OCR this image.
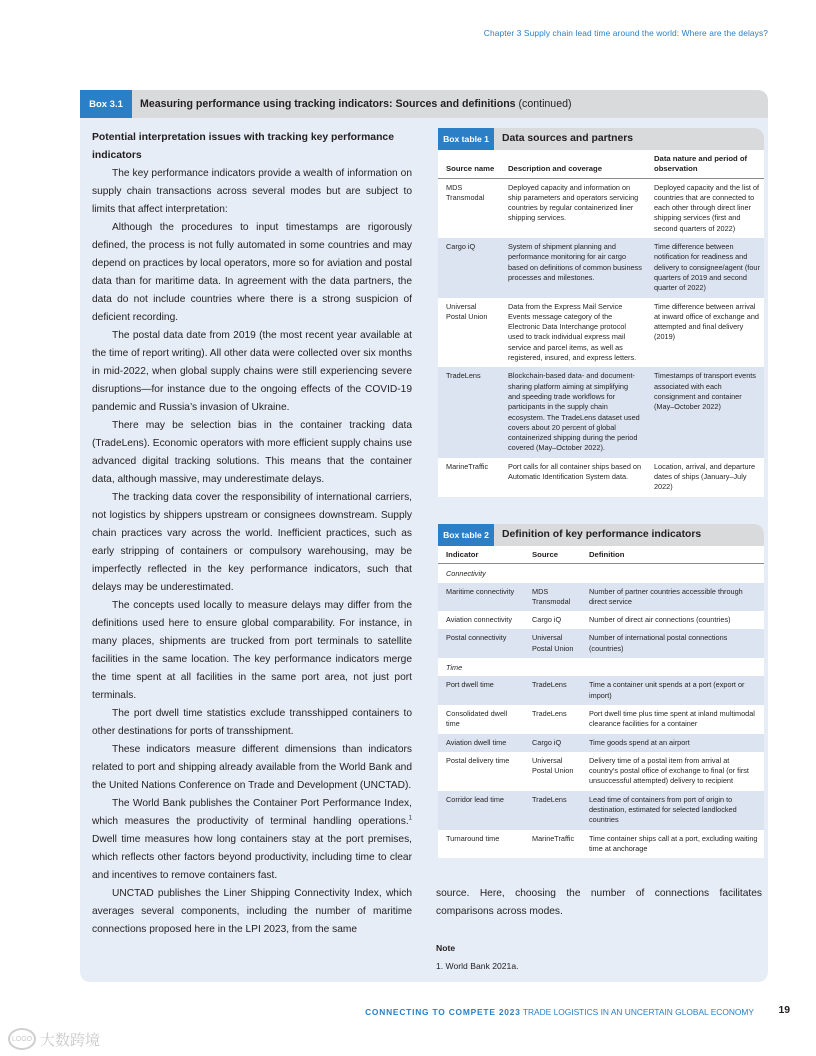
Chapter 3 Supply chain lead time around the world: Where are the delays?
Box 3.1	Measuring performance using tracking indicators: Sources and definitions (continued)
Potential interpretation issues with tracking key performance indicators

The key performance indicators provide a wealth of information on supply chain transactions across several modes but are subject to limits that affect interpretation:

Although the procedures to input timestamps are rigorously defined, the process is not fully automated in some countries and may depend on practices by local operators, more so for aviation and postal data than for maritime data. In agreement with the data partners, the data do not include countries where there is a strong suspicion of deficient recording.

The postal data date from 2019 (the most recent year available at the time of report writing). All other data were collected over six months in mid-2022, when global supply chains were still experiencing severe disruptions—for instance due to the ongoing effects of the COVID-19 pandemic and Russia’s invasion of Ukraine.

There may be selection bias in the container tracking data (TradeLens). Economic operators with more efficient supply chains use advanced digital tracking solutions. This means that the container data, although massive, may underestimate delays.

The tracking data cover the responsibility of international carriers, not logistics by shippers upstream or consignees downstream. Supply chain practices vary across the world. Inefficient practices, such as early stripping of containers or compulsory warehousing, may be imperfectly reflected in the key performance indicators, such that delays may be underestimated.

The concepts used locally to measure delays may differ from the definitions used here to ensure global comparability. For instance, in many places, shipments are trucked from port terminals to satellite facilities in the same location. The key performance indicators merge the time spent at all facilities in the same port area, not just port terminals.

The port dwell time statistics exclude transshipped containers to other destinations for ports of transshipment.

These indicators measure different dimensions than indicators related to port and shipping already available from the World Bank and the United Nations Conference on Trade and Development (UNCTAD).

The World Bank publishes the Container Port Performance Index, which measures the productivity of terminal handling operations.$^1$ Dwell time measures how long containers stay at the port premises, which reflects other factors beyond productivity, including time to clear and incentives to remove containers fast.

UNCTAD publishes the Liner Shipping Connectivity Index, which averages several components, including the number of maritime connections proposed here in the LPI 2023, from the same

Box table 1	Data sources and partners
Source name	Description and coverage	Data nature and period of observation
MDS Transmodal	Deployed capacity and information on ship parameters and operators servicing countries by regular containerized liner shipping services.	Deployed capacity and the list of countries that are connected to each other through direct liner shipping services (first and second quarters of 2022)
Cargo iQ	System of shipment planning and performance monitoring for air cargo based on definitions of common business processes and milestones.	Time difference between notification for readiness and delivery to consignee/agent (four quarters of 2019 and second quarter of 2022)
Universal Postal Union	Data from the Express Mail Service Events message category of the Electronic Data Interchange protocol used to track individual express mail service and parcel items, as well as registered, insured, and express letters.	Time difference between arrival at inward office of exchange and attempted and final delivery (2019)
TradeLens	Blockchain-based data- and document-sharing platform aiming at simplifying and speeding trade workflows for participants in the supply chain ecosystem. The TradeLens dataset used covers about 20 percent of global containerized shipping during the period covered (May–October 2022).	Timestamps of transport events associated with each consignment and container (May–October 2022)
MarineTraffic	Port calls for all container ships based on Automatic Identification System data.	Location, arrival, and departure dates of ships (January–July 2022)
Box table 2	Definition of key performance indicators
Indicator	Source	Definition
Connectivity		
Maritime connectivity	MDS Transmodal	Number of partner countries accessible through direct service
Aviation connectivity	Cargo iQ	Number of direct air connections (countries)
Postal connectivity	Universal Postal Union	Number of international postal connections (countries)
Time		
Port dwell time	TradeLens	Time a container unit spends at a port (export or import)
Consolidated dwell time	TradeLens	Port dwell time plus time spent at inland multimodal clearance facilities for a container
Aviation dwell time	Cargo iQ	Time goods spend at an airport
Postal delivery time	Universal Postal Union	Delivery time of a postal item from arrival at country’s postal office of exchange to final (or first unsuccessful attempted) delivery to recipient
Corridor lead time	TradeLens	Lead time of containers from port of origin to destination, estimated for selected landlocked countries
Turnaround time	MarineTraffic	Time container ships call at a port, excluding waiting time at anchorage
source. Here, choosing the number of connections facilitates comparisons across modes.
Note
1. World Bank 2021a.
CONNECTING TO COMPETE 2023 TRADE LOGISTICS IN AN UNCERTAIN GLOBAL ECONOMY 19
LOGO 大数跨境
